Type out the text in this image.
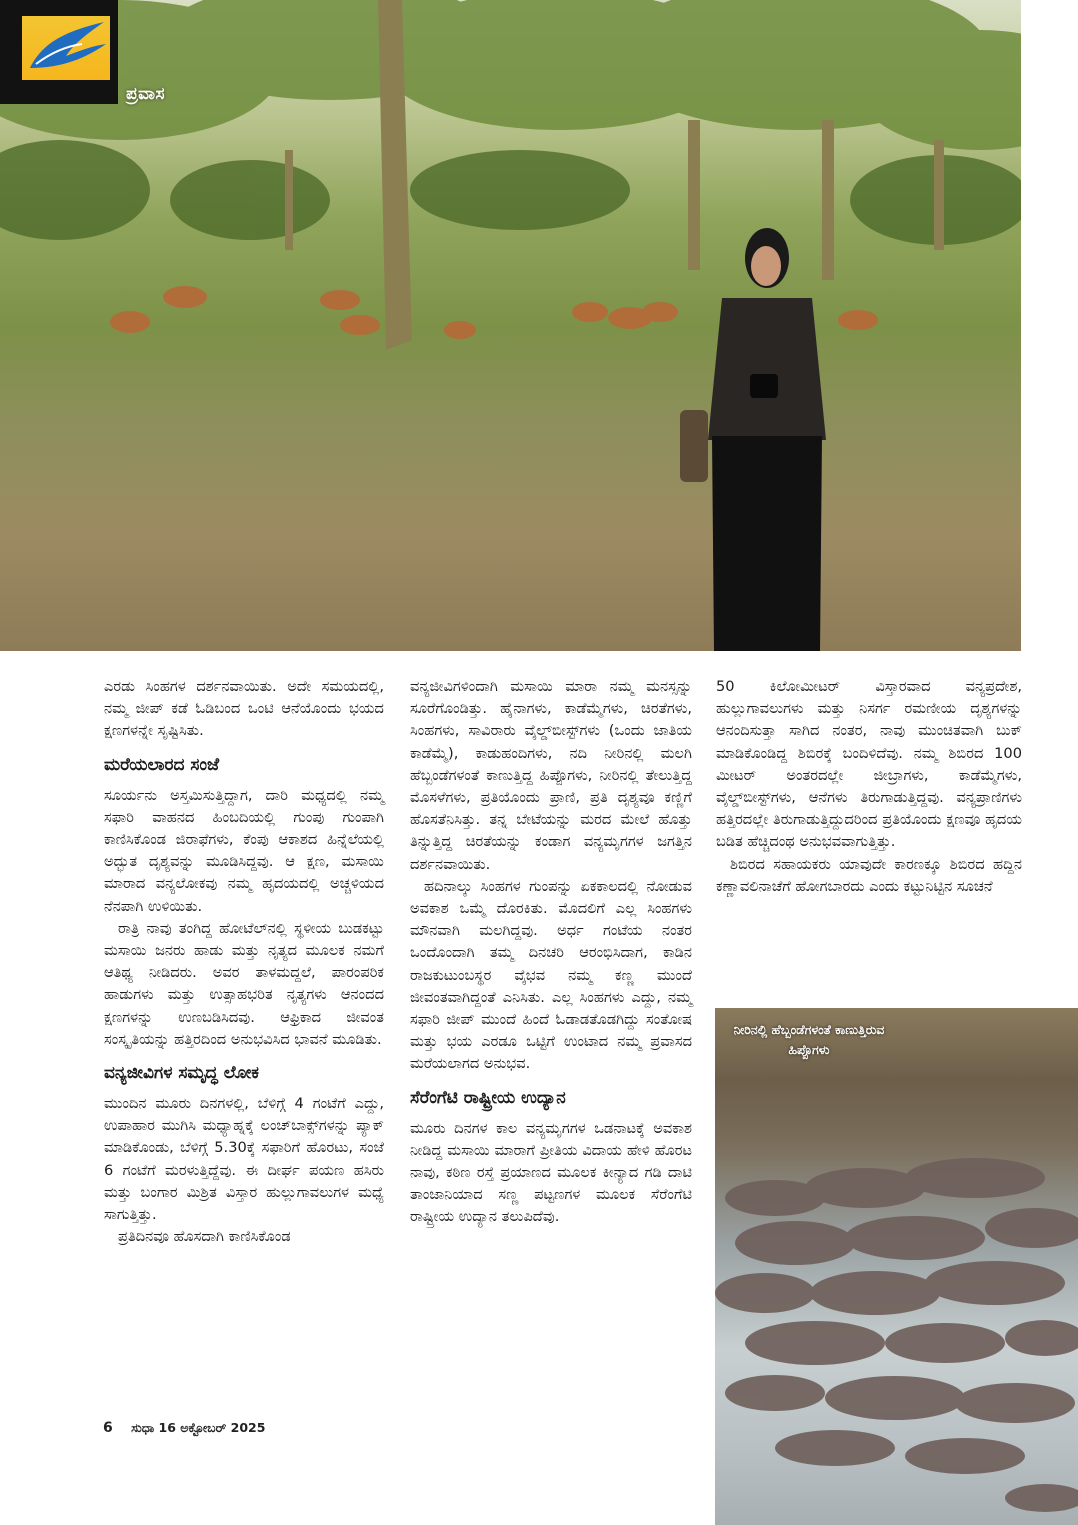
ಪ್ರವಾಸ

ಎರಡು ಸಿಂಹಗಳ ದರ್ಶನವಾಯಿತು. ಅದೇ ಸಮಯದಲ್ಲಿ, ನಮ್ಮ ಜೀಪ್ ಕಡೆ ಓಡಿಬಂದ ಒಂಟಿ ಆನೆಯೊಂದು ಭಯದ ಕ್ಷಣಗಳನ್ನೇ ಸೃಷ್ಟಿಸಿತು.

ಮರೆಯಲಾರದ ಸಂಜೆ

ಸೂರ್ಯನು ಅಸ್ತಮಿಸುತ್ತಿದ್ದಾಗ, ದಾರಿ ಮಧ್ಯದಲ್ಲಿ ನಮ್ಮ ಸಫಾರಿ ವಾಹನದ ಹಿಂಬದಿಯಲ್ಲಿ ಗುಂಪು ಗುಂಪಾಗಿ ಕಾಣಿಸಿಕೊಂಡ ಜಿರಾಫೆಗಳು, ಕೆಂಪು ಆಕಾಶದ ಹಿನ್ನೆಲೆಯಲ್ಲಿ ಅದ್ಭುತ ದೃಶ್ಯವನ್ನು ಮೂಡಿಸಿದ್ದವು. ಆ ಕ್ಷಣ, ಮಸಾಯಿ ಮಾರಾದ ವನ್ಯಲೋಕವು ನಮ್ಮ ಹೃದಯದಲ್ಲಿ ಅಚ್ಚಳಿಯದ ನೆನಪಾಗಿ ಉಳಿಯಿತು.

ರಾತ್ರಿ ನಾವು ತಂಗಿದ್ದ ಹೋಟೆಲ್‌ನಲ್ಲಿ ಸ್ಥಳೀಯ ಬುಡಕಟ್ಟು ಮಸಾಯಿ ಜನರು ಹಾಡು ಮತ್ತು ನೃತ್ಯದ ಮೂಲಕ ನಮಗೆ ಆತಿಥ್ಯ ನೀಡಿದರು. ಅವರ ತಾಳಮದ್ದಲೆ, ಪಾರಂಪರಿಕ ಹಾಡುಗಳು ಮತ್ತು ಉತ್ಸಾಹಭರಿತ ನೃತ್ಯಗಳು ಆನಂದದ ಕ್ಷಣಗಳನ್ನು ಉಣಬಡಿಸಿದವು. ಆಫ್ರಿಕಾದ ಜೀವಂತ ಸಂಸ್ಕೃತಿಯನ್ನು ಹತ್ತಿರದಿಂದ ಅನುಭವಿಸಿದ ಭಾವನೆ ಮೂಡಿತು.

ವನ್ಯಜೀವಿಗಳ ಸಮೃದ್ಧ ಲೋಕ

ಮುಂದಿನ ಮೂರು ದಿನಗಳಲ್ಲಿ, ಬೆಳಿಗ್ಗೆ 4 ಗಂಟೆಗೆ ಎದ್ದು, ಉಪಾಹಾರ ಮುಗಿಸಿ ಮಧ್ಯಾಹ್ನಕ್ಕೆ ಲಂಚ್‌ಬಾಕ್ಸ್‌ಗಳನ್ನು ಪ್ಯಾಕ್ ಮಾಡಿಕೊಂಡು, ಬೆಳಿಗ್ಗೆ 5.30ಕ್ಕೆ ಸಫಾರಿಗೆ ಹೊರಟು, ಸಂಜೆ 6 ಗಂಟೆಗೆ ಮರಳುತ್ತಿದ್ದೆವು. ಈ ದೀರ್ಘ ಪಯಣ ಹಸಿರು ಮತ್ತು ಬಂಗಾರ ಮಿಶ್ರಿತ ವಿಸ್ತಾರ ಹುಲ್ಲುಗಾವಲುಗಳ ಮಧ್ಯೆ ಸಾಗುತ್ತಿತ್ತು.

ಪ್ರತಿದಿನವೂ ಹೊಸದಾಗಿ ಕಾಣಿಸಿಕೊಂಡ

ವನ್ಯಜೀವಿಗಳಿಂದಾಗಿ ಮಸಾಯಿ ಮಾರಾ ನಮ್ಮ ಮನಸ್ಸನ್ನು ಸೂರೆಗೊಂಡಿತ್ತು. ಹೈನಾಗಳು, ಕಾಡೆಮ್ಮೆಗಳು, ಚಿರತೆಗಳು, ಸಿಂಹಗಳು, ಸಾವಿರಾರು ವೈಲ್ಡ್‌ಬೀಸ್ಟ್‌ಗಳು (ಒಂದು ಜಾತಿಯ ಕಾಡೆಮ್ಮೆ), ಕಾಡುಹಂದಿಗಳು, ನದಿ ನೀರಿನಲ್ಲಿ ಮಲಗಿ ಹೆಬ್ಬಂಡೆಗಳಂತೆ ಕಾಣುತ್ತಿದ್ದ ಹಿಪ್ಪೊಗಳು, ನೀರಿನಲ್ಲಿ ತೇಲುತ್ತಿದ್ದ ಮೊಸಳೆಗಳು, ಪ್ರತಿಯೊಂದು ಪ್ರಾಣಿ, ಪ್ರತಿ ದೃಶ್ಯವೂ ಕಣ್ಣಿಗೆ ಹೊಸತೆನಿಸಿತ್ತು. ತನ್ನ ಬೇಟೆಯನ್ನು ಮರದ ಮೇಲೆ ಹೊತ್ತು ತಿನ್ನುತ್ತಿದ್ದ ಚಿರತೆಯನ್ನು ಕಂಡಾಗ ವನ್ಯಮೃಗಗಳ ಜಗತ್ತಿನ ದರ್ಶನವಾಯಿತು.

ಹದಿನಾಲ್ಕು ಸಿಂಹಗಳ ಗುಂಪನ್ನು ಏಕಕಾಲದಲ್ಲಿ ನೋಡುವ ಅವಕಾಶ ಒಮ್ಮೆ ದೊರಕಿತು. ಮೊದಲಿಗೆ ಎಲ್ಲ ಸಿಂಹಗಳು ಮೌನವಾಗಿ ಮಲಗಿದ್ದವು. ಅರ್ಧ ಗಂಟೆಯ ನಂತರ ಒಂದೊಂದಾಗಿ ತಮ್ಮ ದಿನಚರಿ ಆರಂಭಿಸಿದಾಗ, ಕಾಡಿನ ರಾಜಕುಟುಂಬಸ್ಥರ ವೈಭವ ನಮ್ಮ ಕಣ್ಣ ಮುಂದೆ ಜೀವಂತವಾಗಿದ್ದಂತೆ ಎನಿಸಿತು. ಎಲ್ಲ ಸಿಂಹಗಳು ಎದ್ದು, ನಮ್ಮ ಸಫಾರಿ ಜೀಪ್ ಮುಂದೆ ಹಿಂದೆ ಓಡಾಡತೊಡಗಿದ್ದು ಸಂತೋಷ ಮತ್ತು ಭಯ ಎರಡೂ ಒಟ್ಟಿಗೆ ಉಂಟಾದ ನಮ್ಮ ಪ್ರವಾಸದ ಮರೆಯಲಾಗದ ಅನುಭವ.

ಸೆರೆಂಗೆಟಿ ರಾಷ್ಟ್ರೀಯ ಉದ್ಯಾನ

ಮೂರು ದಿನಗಳ ಕಾಲ ವನ್ಯಮೃಗಗಳ ಒಡನಾಟಕ್ಕೆ ಅವಕಾಶ ನೀಡಿದ್ದ ಮಸಾಯಿ ಮಾರಾಗೆ ಪ್ರೀತಿಯ ವಿದಾಯ ಹೇಳಿ ಹೊರಟ ನಾವು, ಕಠಿಣ ರಸ್ತೆ ಪ್ರಯಾಣದ ಮೂಲಕ ಕೀನ್ಯಾದ ಗಡಿ ದಾಟಿ ತಾಂಜಾನಿಯಾದ ಸಣ್ಣ ಪಟ್ಟಣಗಳ ಮೂಲಕ ಸೆರೆಂಗೆಟಿ ರಾಷ್ಟ್ರೀಯ ಉದ್ಯಾನ ತಲುಪಿದೆವು.

50 ಕಿಲೋಮೀಟರ್ ವಿಸ್ತಾರವಾದ ವನ್ಯಪ್ರದೇಶ, ಹುಲ್ಲುಗಾವಲುಗಳು ಮತ್ತು ನಿಸರ್ಗ ರಮಣೀಯ ದೃಶ್ಯಗಳನ್ನು ಆನಂದಿಸುತ್ತಾ ಸಾಗಿದ ನಂತರ, ನಾವು ಮುಂಚಿತವಾಗಿ ಬುಕ್ ಮಾಡಿಕೊಂಡಿದ್ದ ಶಿಬಿರಕ್ಕೆ ಬಂದಿಳಿದೆವು. ನಮ್ಮ ಶಿಬಿರದ 100 ಮೀಟರ್ ಅಂತರದಲ್ಲೇ ಜೀಬ್ರಾಗಳು, ಕಾಡೆಮ್ಮೆಗಳು, ವೈಲ್ಡ್‌ಬೀಸ್ಟ್‌ಗಳು, ಆನೆಗಳು ತಿರುಗಾಡುತ್ತಿದ್ದವು. ವನ್ಯಪ್ರಾಣಿಗಳು ಹತ್ತಿರದಲ್ಲೇ ತಿರುಗಾಡುತ್ತಿದ್ದುದರಿಂದ ಪ್ರತಿಯೊಂದು ಕ್ಷಣವೂ ಹೃದಯ ಬಡಿತ ಹೆಚ್ಚಿದಂಥ ಅನುಭವವಾಗುತ್ತಿತ್ತು.

ಶಿಬಿರದ ಸಹಾಯಕರು ಯಾವುದೇ ಕಾರಣಕ್ಕೂ ಶಿಬಿರದ ಹದ್ದಿನ ಕಣ್ಣಾವಲಿನಾಚೆಗೆ ಹೋಗಬಾರದು ಎಂದು ಕಟ್ಟುನಿಟ್ಟಿನ ಸೂಚನೆ

ನೀರಿನಲ್ಲಿ ಹೆಬ್ಬಂಡೆಗಳಂತೆ ಕಾಣುತ್ತಿರುವ ಹಿಪ್ಪೊಗಳು
6 ಸುಧಾ 16 ಅಕ್ಟೋಬರ್ 2025
